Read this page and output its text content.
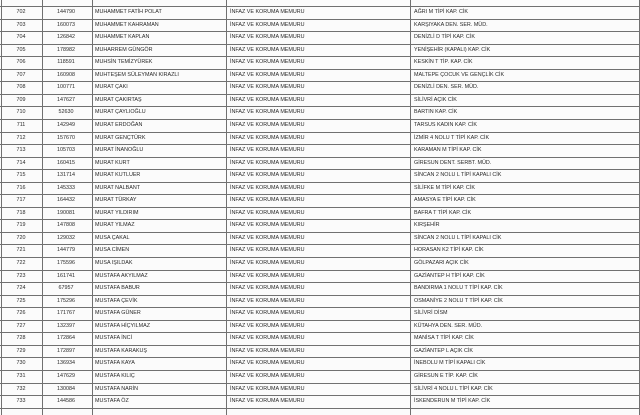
702	144790	MUHAMMET FATİH POLAT	İNFAZ VE KORUMA MEMURU	AĞRI M TİPİ KAP. CİK
703	160073	MUHAMMET KAHRAMAN	İNFAZ VE KORUMA MEMURU	KARŞIYAKA DEN. SER. MÜD.
704	126842	MUHAMMET KAPLAN	İNFAZ VE KORUMA MEMURU	DENİZLİ D TİPİ KAP. CİK
705	178982	MUHARREM GÜNGÖR	İNFAZ VE KORUMA MEMURU	YENİŞEHİR (KAPALI) KAP. CİK
706	118591	MUHSİN TEMİZYÜREK	İNFAZ VE KORUMA MEMURU	KESKİN T TİP. KAP. CİK
707	160908	MUHTEŞEM SÜLEYMAN KIRAZLI	İNFAZ VE KORUMA MEMURU	MALTEPE ÇOCUK VE GENÇLİK CİK
708	100771	MURAT ÇAKI	İNFAZ VE KORUMA MEMURU	DENİZLİ DEN. SER. MÜD.
709	147627	MURAT ÇAKIRTAŞ	İNFAZ VE KORUMA MEMURU	SİLİVRİ AÇIK CİK
710	52630	MURAT ÇAYLIOĞLU	İNFAZ VE KORUMA MEMURU	BARTIN KAP. CİK
711	142949	MURAT ERDOĞAN	İNFAZ VE KORUMA MEMURU	TARSUS KADIN KAP. CİK
712	157670	MURAT GENÇTÜRK	İNFAZ VE KORUMA MEMURU	İZMİR 4 NOLU T TİPİ KAP. CİK
713	105703	MURAT İNANOĞLU	İNFAZ VE KORUMA MEMURU	KARAMAN M TİPİ KAP. CİK
714	160415	MURAT KURT	İNFAZ VE KORUMA MEMURU	GİRESUN DENT. SERBT. MÜD.
715	131714	MURAT KUTLUER	İNFAZ VE KORUMA MEMURU	SİNCAN 2 NOLU L TİPİ KAPALI CİK
716	145333	MURAT NALBANT	İNFAZ VE KORUMA MEMURU	SİLİFKE M TİPİ KAP. CİK
717	164432	MURAT TÜRKAY	İNFAZ VE KORUMA MEMURU	AMASYA E TİPİ KAP. CİK
718	190081	MURAT YILDIRIM	İNFAZ VE KORUMA MEMURU	BAFRA T TİPİ KAP. CİK
719	147808	MURAT YILMAZ	İNFAZ VE KORUMA MEMURU	KIRŞEHİR
720	129032	MUSA ÇAKAL	İNFAZ VE KORUMA MEMURU	SİNCAN 2 NOLU L TİPİ KAPALI CİK
721	144779	MUSA CİMEN	İNFAZ VE KORUMA MEMURU	HORASAN K2 TİPİ KAP. CİK
722	175596	MUSA IŞILDAK	İNFAZ VE KORUMA MEMURU	GÖLPAZARI AÇIK CİK
723	161741	MUSTAFA AKYILMAZ	İNFAZ VE KORUMA MEMURU	GAZİANTEP H TİPİ KAP. CİK
724	67957	MUSTAFA BABUR	İNFAZ VE KORUMA MEMURU	BANDIRMA 1 NOLU T TİPİ KAP. CİK
725	175296	MUSTAFA ÇEVİK	İNFAZ VE KORUMA MEMURU	OSMANİYE 2 NOLU T TİPİ KAP. CİK
726	171767	MUSTAFA GÜNER	İNFAZ VE KORUMA MEMURU	SİLİVRİ DİSM
727	132397	MUSTAFA HİÇYILMAZ	İNFAZ VE KORUMA MEMURU	KÜTAHYA DEN. SER. MÜD.
728	172864	MUSTAFA İNCİ	İNFAZ VE KORUMA MEMURU	MANİSA T TİPİ KAP. CİK
729	172897	MUSTAFA KARAKUŞ	İNFAZ VE KORUMA MEMURU	GAZİANTEP L AÇIK CİK
730	136934	MUSTAFA KAYA	İNFAZ VE KORUMA MEMURU	İNEBOLU M TİPİ KAPALI CİK
731	147629	MUSTAFA KILIÇ	İNFAZ VE KORUMA MEMURU	GİRESUN E TİP. KAP. CİK
732	130084	MUSTAFA NARİN	İNFAZ VE KORUMA MEMURU	SİLİVRİ 4 NOLU L TİPİ KAP. CİK
733	144586	MUSTAFA ÖZ	İNFAZ VE KORUMA MEMURU	İSKENDERUN M TİPİ KAP. CİK
